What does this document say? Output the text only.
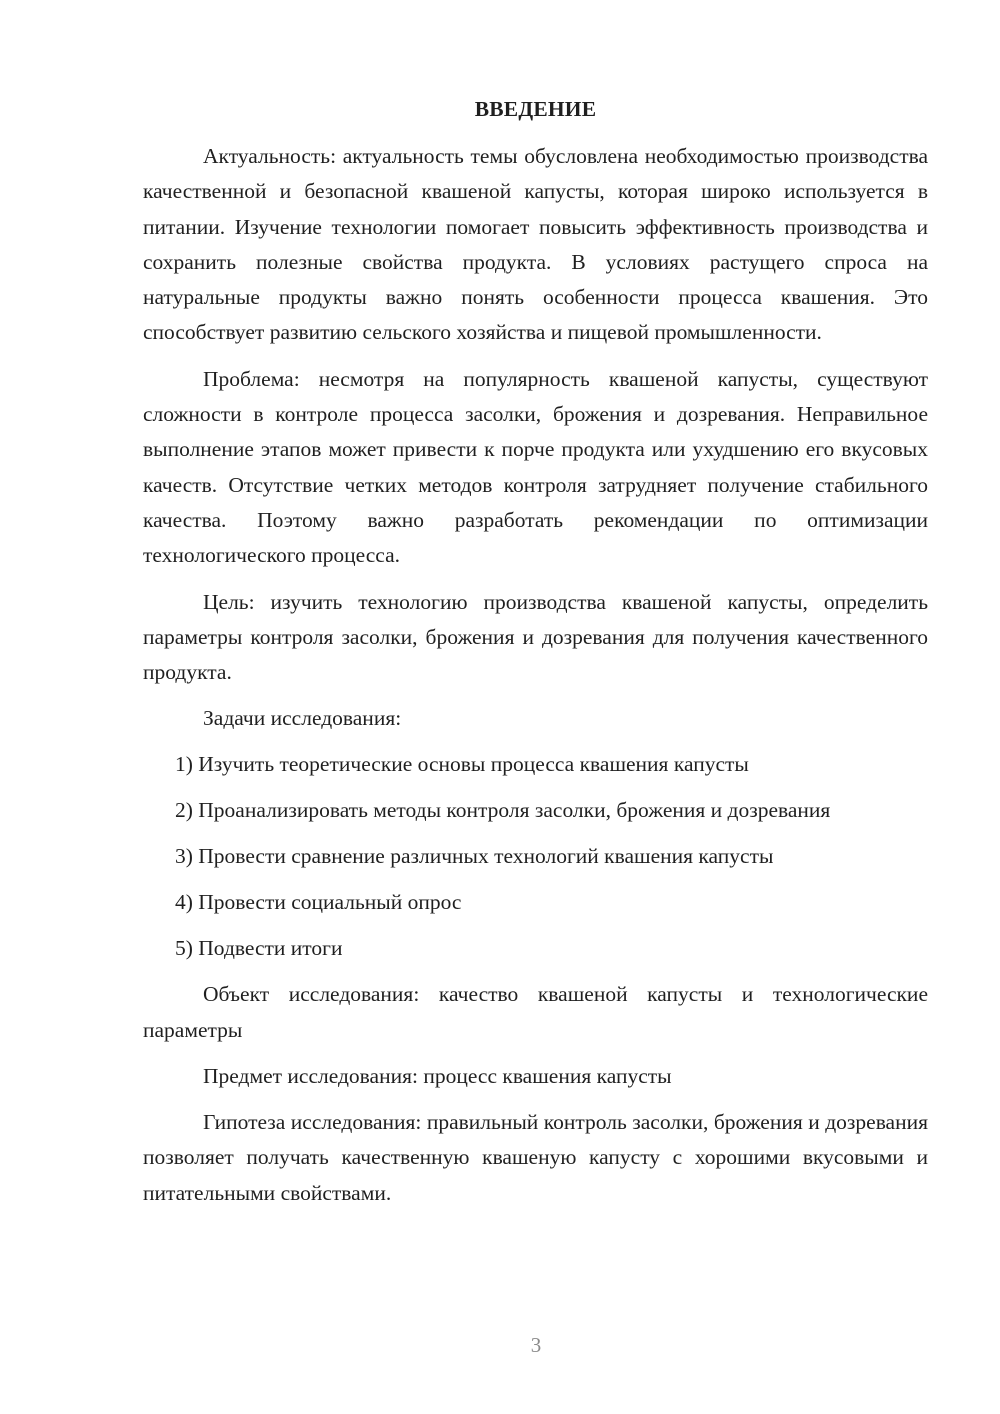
ВВЕДЕНИЕ

Актуальность: актуальность темы обусловлена необходимостью производства качественной и безопасной квашеной капусты, которая широко используется в питании. Изучение технологии помогает повысить эффективность производства и сохранить полезные свойства продукта. В условиях растущего спроса на натуральные продукты важно понять особенности процесса квашения. Это способствует развитию сельского хозяйства и пищевой промышленности.

Проблема: несмотря на популярность квашеной капусты, существуют сложности в контроле процесса засолки, брожения и дозревания. Неправильное выполнение этапов может привести к порче продукта или ухудшению его вкусовых качеств. Отсутствие четких методов контроля затрудняет получение стабильного качества. Поэтому важно разработать рекомендации по оптимизации технологического процесса.

Цель: изучить технологию производства квашеной капусты, определить параметры контроля засолки, брожения и дозревания для получения качественного продукта.

Задачи исследования:

1) Изучить теоретические основы процесса квашения капусты

2) Проанализировать методы контроля засолки, брожения и дозревания

3) Провести сравнение различных технологий квашения капусты

4) Провести социальный опрос

5) Подвести итоги

Объект исследования: качество квашеной капусты и технологические параметры

Предмет исследования: процесс квашения капусты

Гипотеза исследования: правильный контроль засолки, брожения и дозревания позволяет получать качественную квашеную капусту с хорошими вкусовыми и питательными свойствами.

3
